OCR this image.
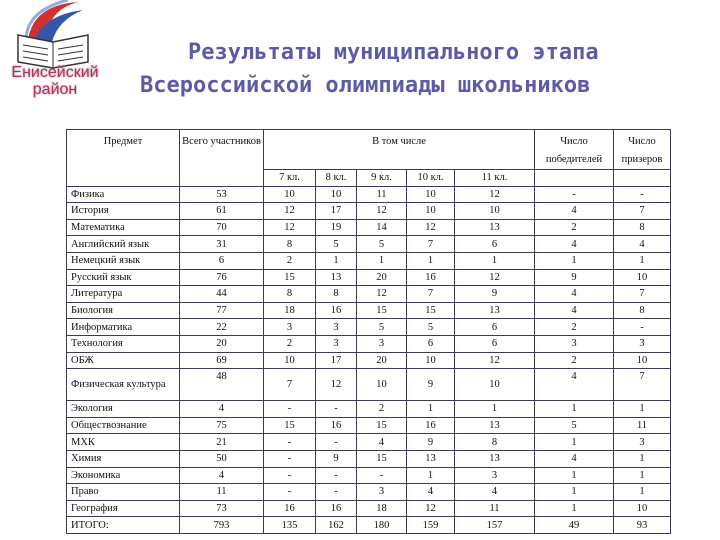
Енисейский
район
Результаты муниципального этапа
Всероссийской олимпиады школьников
Предмет	Всего участников	В том числе					Число победителей	Число призеров
		7 кл.	8 кл.	9 кл.	10 кл.	11 кл.		
Физика	53	10	10	11	10	12	-	-
История	61	12	17	12	10	10	4	7
Математика	70	12	19	14	12	13	2	8
Английский язык	31	8	5	5	7	6	4	4
Немецкий язык	6	2	1	1	1	1	1	1
Русский язык	76	15	13	20	16	12	9	10
Литература	44	8	8	12	7	9	4	7
Биология	77	18	16	15	15	13	4	8
Информатика	22	3	3	5	5	6	2	-
Технология	20	2	3	3	6	6	3	3
ОБЖ	69	10	17	20	10	12	2	10
Физическая культура	48	7	12	10	9	10	4	7
Экология	4	-	-	2	1	1	1	1
Обществознание	75	15	16	15	16	13	5	11
МХК	21	-	-	4	9	8	1	3
Химия	50	-	9	15	13	13	4	1
Экономика	4	-	-	-	1	3	1	1
Право	11	-	-	3	4	4	1	1
География	73	16	16	18	12	11	1	10
ИТОГО:	793	135	162	180	159	157	49	93
